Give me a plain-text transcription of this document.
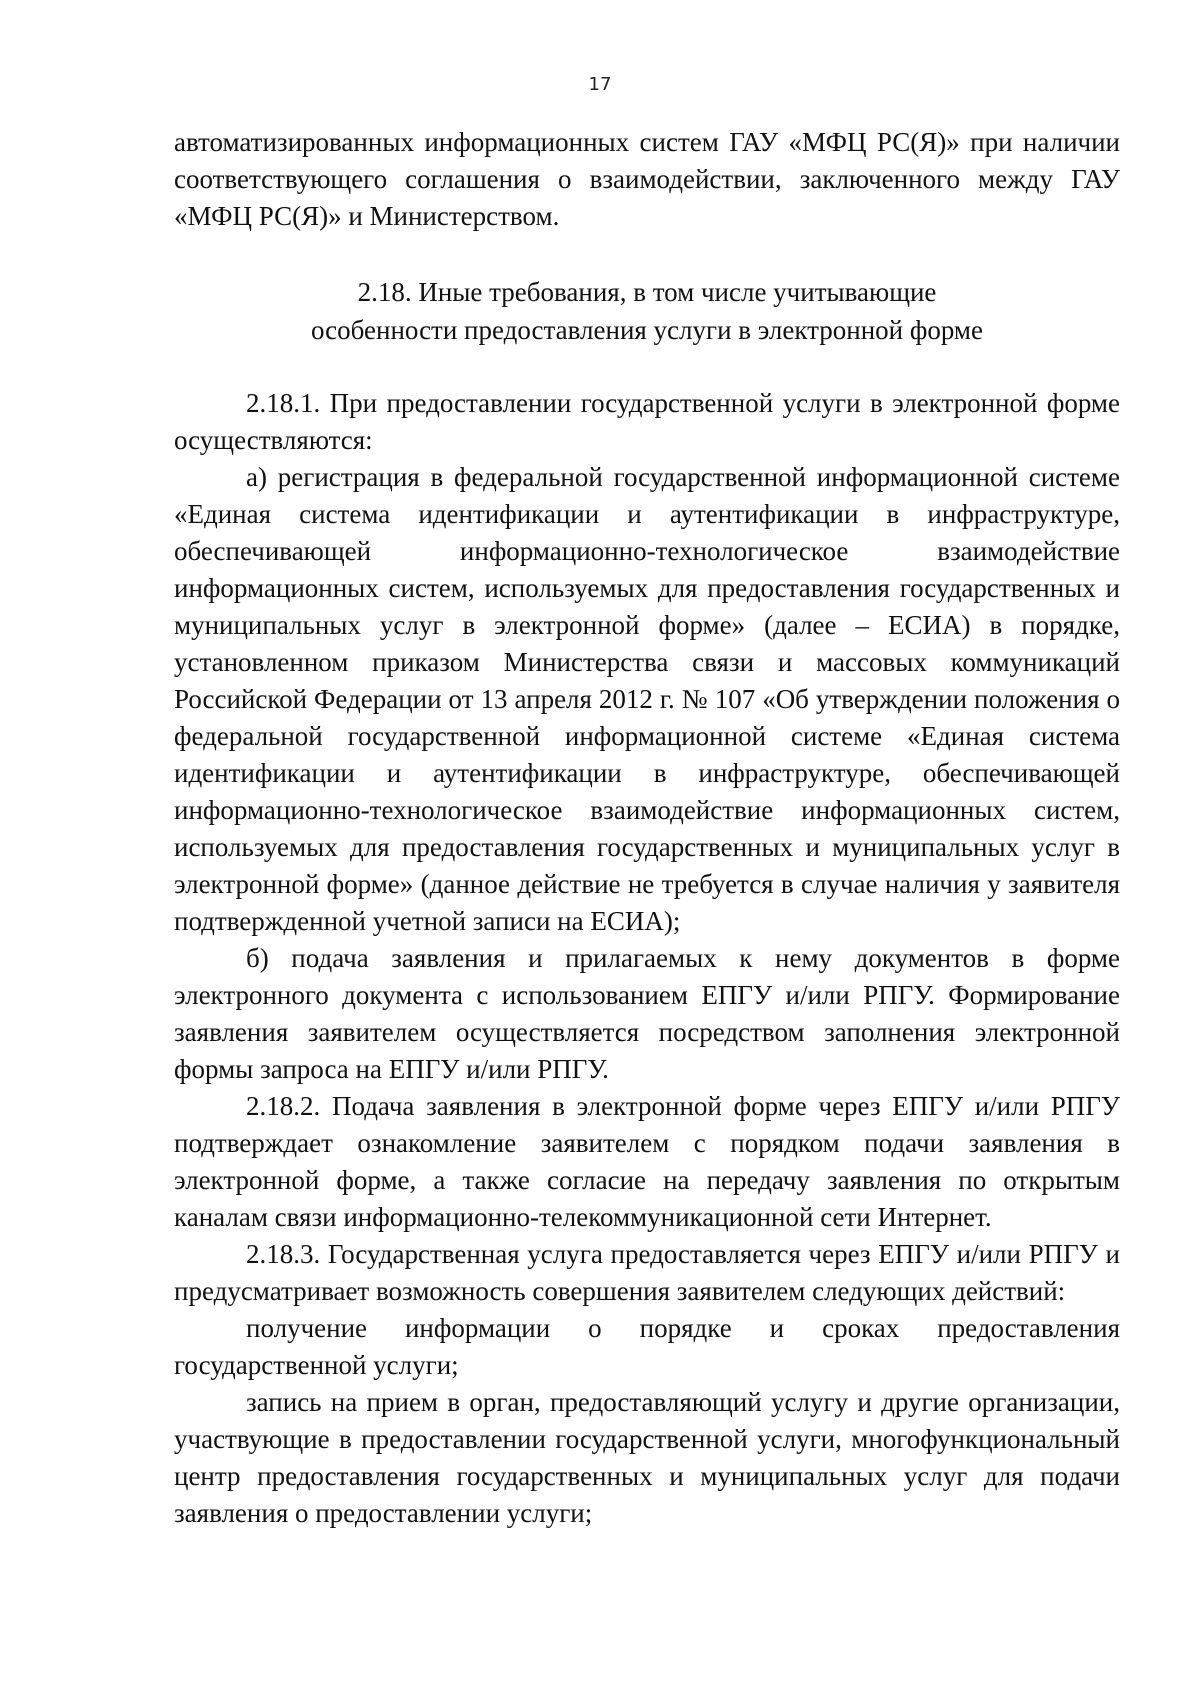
17

автоматизированных информационных систем ГАУ «МФЦ РС(Я)» при наличии соответствующего соглашения о взаимодействии, заключенного между ГАУ «МФЦ РС(Я)» и Министерством.

2.18. Иные требования, в том числе учитывающие
особенности предоставления услуги в электронной форме

2.18.1. При предоставлении государственной услуги в электронной форме осуществляются:

а) регистрация в федеральной государственной информационной системе «Единая система идентификации и аутентификации в инфраструктуре, обеспечивающей информационно-технологическое взаимодействие информационных систем, используемых для предоставления государственных и муниципальных услуг в электронной форме» (далее – ЕСИА) в порядке, установленном приказом Министерства связи и массовых коммуникаций Российской Федерации от 13 апреля 2012 г. № 107 «Об утверждении положения о федеральной государственной информационной системе «Единая система идентификации и аутентификации в инфраструктуре, обеспечивающей информационно-технологическое взаимодействие информационных систем, используемых для предоставления государственных и муниципальных услуг в электронной форме» (данное действие не требуется в случае наличия у заявителя подтвержденной учетной записи на ЕСИА);

б) подача заявления и прилагаемых к нему документов в форме электронного документа с использованием ЕПГУ и/или РПГУ. Формирование заявления заявителем осуществляется посредством заполнения электронной формы запроса на ЕПГУ и/или РПГУ.

2.18.2. Подача заявления в электронной форме через ЕПГУ и/или РПГУ подтверждает ознакомление заявителем с порядком подачи заявления в электронной форме, а также согласие на передачу заявления по открытым каналам связи информационно-телекоммуникационной сети Интернет.

2.18.3. Государственная услуга предоставляется через ЕПГУ и/или РПГУ и предусматривает возможность совершения заявителем следующих действий:

получение информации о порядке и сроках предоставления государственной услуги;

запись на прием в орган, предоставляющий услугу и другие организации, участвующие в предоставлении государственной услуги, многофункциональный центр предоставления государственных и муниципальных услуг для подачи заявления о предоставлении услуги;
